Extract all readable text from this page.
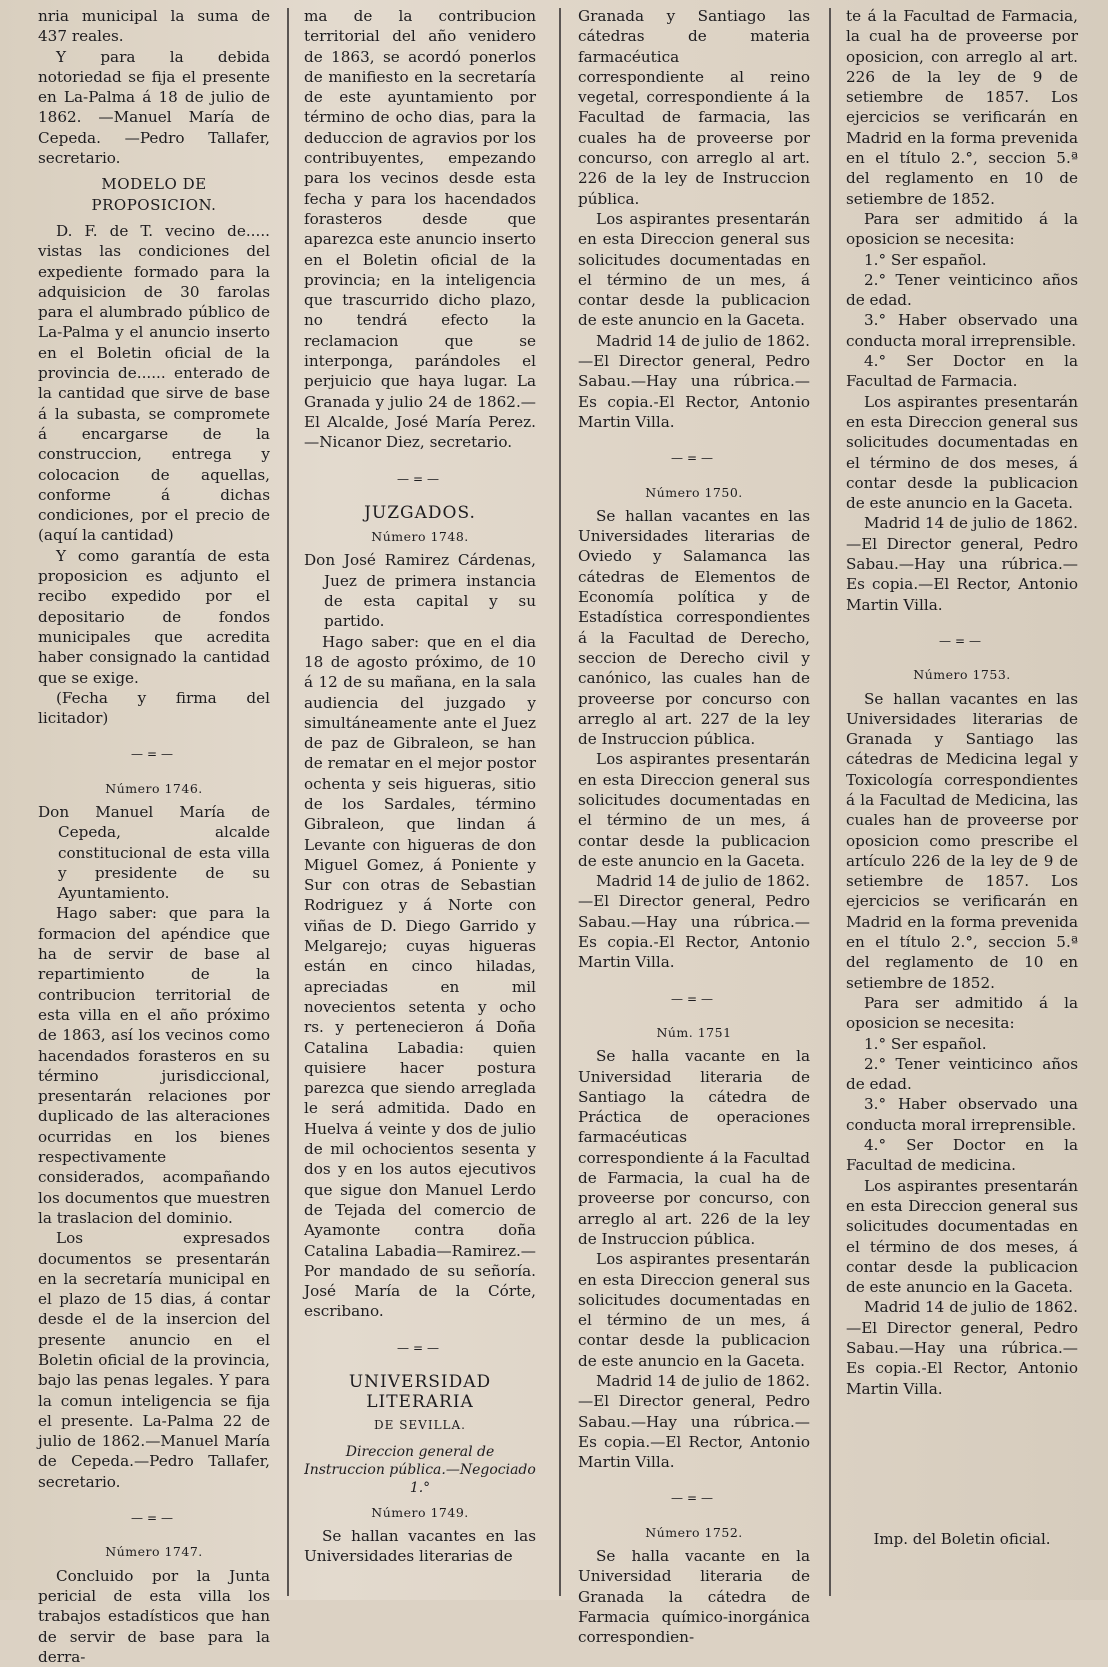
nria municipal la suma de 437 reales.

Y para la debida notoriedad se fija el presente en La-Palma á 18 de julio de 1862. —Manuel María de Cepeda. —Pedro Tallafer, secretario.

MODELO DE PROPOSICION.

D. F. de T. vecino de..... vistas las condiciones del expediente formado para la adquisicion de 30 farolas para el alumbrado público de La-Palma y el anuncio inserto en el Boletin oficial de la provincia de...... enterado de la cantidad que sirve de base á la subasta, se compromete á encargarse de la construccion, entrega y colocacion de aquellas, conforme á dichas condiciones, por el precio de (aquí la cantidad)

Y como garantía de esta proposicion es adjunto el recibo expedido por el depositario de fondos municipales que acredita haber consignado la cantidad que se exige.

(Fecha y firma del licitador)

—=—
Número 1746.

Don Manuel María de Cepeda, alcalde constitucional de esta villa y presidente de su Ayuntamiento.

Hago saber: que para la formacion del apéndice que ha de servir de base al repartimiento de la contribucion territorial de esta villa en el año próximo de 1863, así los vecinos como hacendados forasteros en su término jurisdiccional, presentarán relaciones por duplicado de las alteraciones ocurridas en los bienes respectivamente considerados, acompañando los documentos que muestren la traslacion del dominio.

Los expresados documentos se presentarán en la secretaría municipal en el plazo de 15 dias, á contar desde el de la insercion del presente anuncio en el Boletin oficial de la provincia, bajo las penas legales. Y para la comun inteligencia se fija el presente. La-Palma 22 de julio de 1862.—Manuel María de Cepeda.—Pedro Tallafer, secretario.

—=—
Número 1747.

Concluido por la Junta pericial de esta villa los trabajos estadísticos que han de servir de base para la derra-

ma de la contribucion territorial del año venidero de 1863, se acordó ponerlos de manifiesto en la secretaría de este ayuntamiento por término de ocho dias, para la deduccion de agravios por los contribuyentes, empezando para los vecinos desde esta fecha y para los hacendados forasteros desde que aparezca este anuncio inserto en el Boletin oficial de la provincia; en la inteligencia que trascurrido dicho plazo, no tendrá efecto la reclamacion que se interponga, parándoles el perjuicio que haya lugar. La Granada y julio 24 de 1862.—El Alcalde, José María Perez.—Nicanor Diez, secretario.

—=—
JUZGADOS.
Número 1748.

Don José Ramirez Cárdenas, Juez de primera instancia de esta capital y su partido.

Hago saber: que en el dia 18 de agosto próximo, de 10 á 12 de su mañana, en la sala audiencia del juzgado y simultáneamente ante el Juez de paz de Gibraleon, se han de rematar en el mejor postor ochenta y seis higueras, sitio de los Sardales, término Gibraleon, que lindan á Levante con higueras de don Miguel Gomez, á Poniente y Sur con otras de Sebastian Rodriguez y á Norte con viñas de D. Diego Garrido y Melgarejo; cuyas higueras están en cinco hiladas, apreciadas en mil novecientos setenta y ocho rs. y pertenecieron á Doña Catalina Labadia: quien quisiere hacer postura parezca que siendo arreglada le será admitida. Dado en Huelva á veinte y dos de julio de mil ochocientos sesenta y dos y en los autos ejecutivos que sigue don Manuel Lerdo de Tejada del comercio de Ayamonte contra doña Catalina Labadia—Ramirez.—Por mandado de su señoría. José María de la Córte, escribano.

—=—
UNIVERSIDAD LITERARIA
DE SEVILLA.
Direccion general de Instruccion pública.—Negociado 1.°
Número 1749.

Se hallan vacantes en las Universidades literarias de

Granada y Santiago las cátedras de materia farmacéutica correspondiente al reino vegetal, correspondiente á la Facultad de farmacia, las cuales ha de proveerse por concurso, con arreglo al art. 226 de la ley de Instruccion pública.

Los aspirantes presentarán en esta Direccion general sus solicitudes documentadas en el término de un mes, á contar desde la publicacion de este anuncio en la Gaceta.

Madrid 14 de julio de 1862. —El Director general, Pedro Sabau.—Hay una rúbrica.—Es copia.-El Rector, Antonio Martin Villa.

—=—
Número 1750.

Se hallan vacantes en las Universidades literarias de Oviedo y Salamanca las cátedras de Elementos de Economía política y de Estadística correspondientes á la Facultad de Derecho, seccion de Derecho civil y canónico, las cuales han de proveerse por concurso con arreglo al art. 227 de la ley de Instruccion pública.

Los aspirantes presentarán en esta Direccion general sus solicitudes documentadas en el término de un mes, á contar desde la publicacion de este anuncio en la Gaceta.

Madrid 14 de julio de 1862. —El Director general, Pedro Sabau.—Hay una rúbrica.—Es copia.-El Rector, Antonio Martin Villa.

—=—
Núm. 1751

Se halla vacante en la Universidad literaria de Santiago la cátedra de Práctica de operaciones farmacéuticas correspondiente á la Facultad de Farmacia, la cual ha de proveerse por concurso, con arreglo al art. 226 de la ley de Instruccion pública.

Los aspirantes presentarán en esta Direccion general sus solicitudes documentadas en el término de un mes, á contar desde la publicacion de este anuncio en la Gaceta.

Madrid 14 de julio de 1862. —El Director general, Pedro Sabau.—Hay una rúbrica.—Es copia.—El Rector, Antonio Martin Villa.

—=—
Número 1752.

Se halla vacante en la Universidad literaria de Granada la cátedra de Farmacia químico-inorgánica correspondien-

te á la Facultad de Farmacia, la cual ha de proveerse por oposicion, con arreglo al art. 226 de la ley de 9 de setiembre de 1857. Los ejercicios se verificarán en Madrid en la forma prevenida en el título 2.°, seccion 5.ª del reglamento en 10 de setiembre de 1852.

Para ser admitido á la oposicion se necesita:

1.° Ser español.

2.° Tener veinticinco años de edad.

3.° Haber observado una conducta moral irreprensible.

4.° Ser Doctor en la Facultad de Farmacia.

Los aspirantes presentarán en esta Direccion general sus solicitudes documentadas en el término de dos meses, á contar desde la publicacion de este anuncio en la Gaceta.

Madrid 14 de julio de 1862. —El Director general, Pedro Sabau.—Hay una rúbrica.—Es copia.—El Rector, Antonio Martin Villa.

—=—
Número 1753.

Se hallan vacantes en las Universidades literarias de Granada y Santiago las cátedras de Medicina legal y Toxicología correspondientes á la Facultad de Medicina, las cuales han de proveerse por oposicion como prescribe el artículo 226 de la ley de 9 de setiembre de 1857. Los ejercicios se verificarán en Madrid en la forma prevenida en el título 2.°, seccion 5.ª del reglamento de 10 en setiembre de 1852.

Para ser admitido á la oposicion se necesita:

1.° Ser español.

2.° Tener veinticinco años de edad.

3.° Haber observado una conducta moral irreprensible.

4.° Ser Doctor en la Facultad de medicina.

Los aspirantes presentarán en esta Direccion general sus solicitudes documentadas en el término de dos meses, á contar desde la publicacion de este anuncio en la Gaceta.

Madrid 14 de julio de 1862. —El Director general, Pedro Sabau.—Hay una rúbrica.—Es copia.-El Rector, Antonio Martin Villa.

Imp. del Boletin oficial.
